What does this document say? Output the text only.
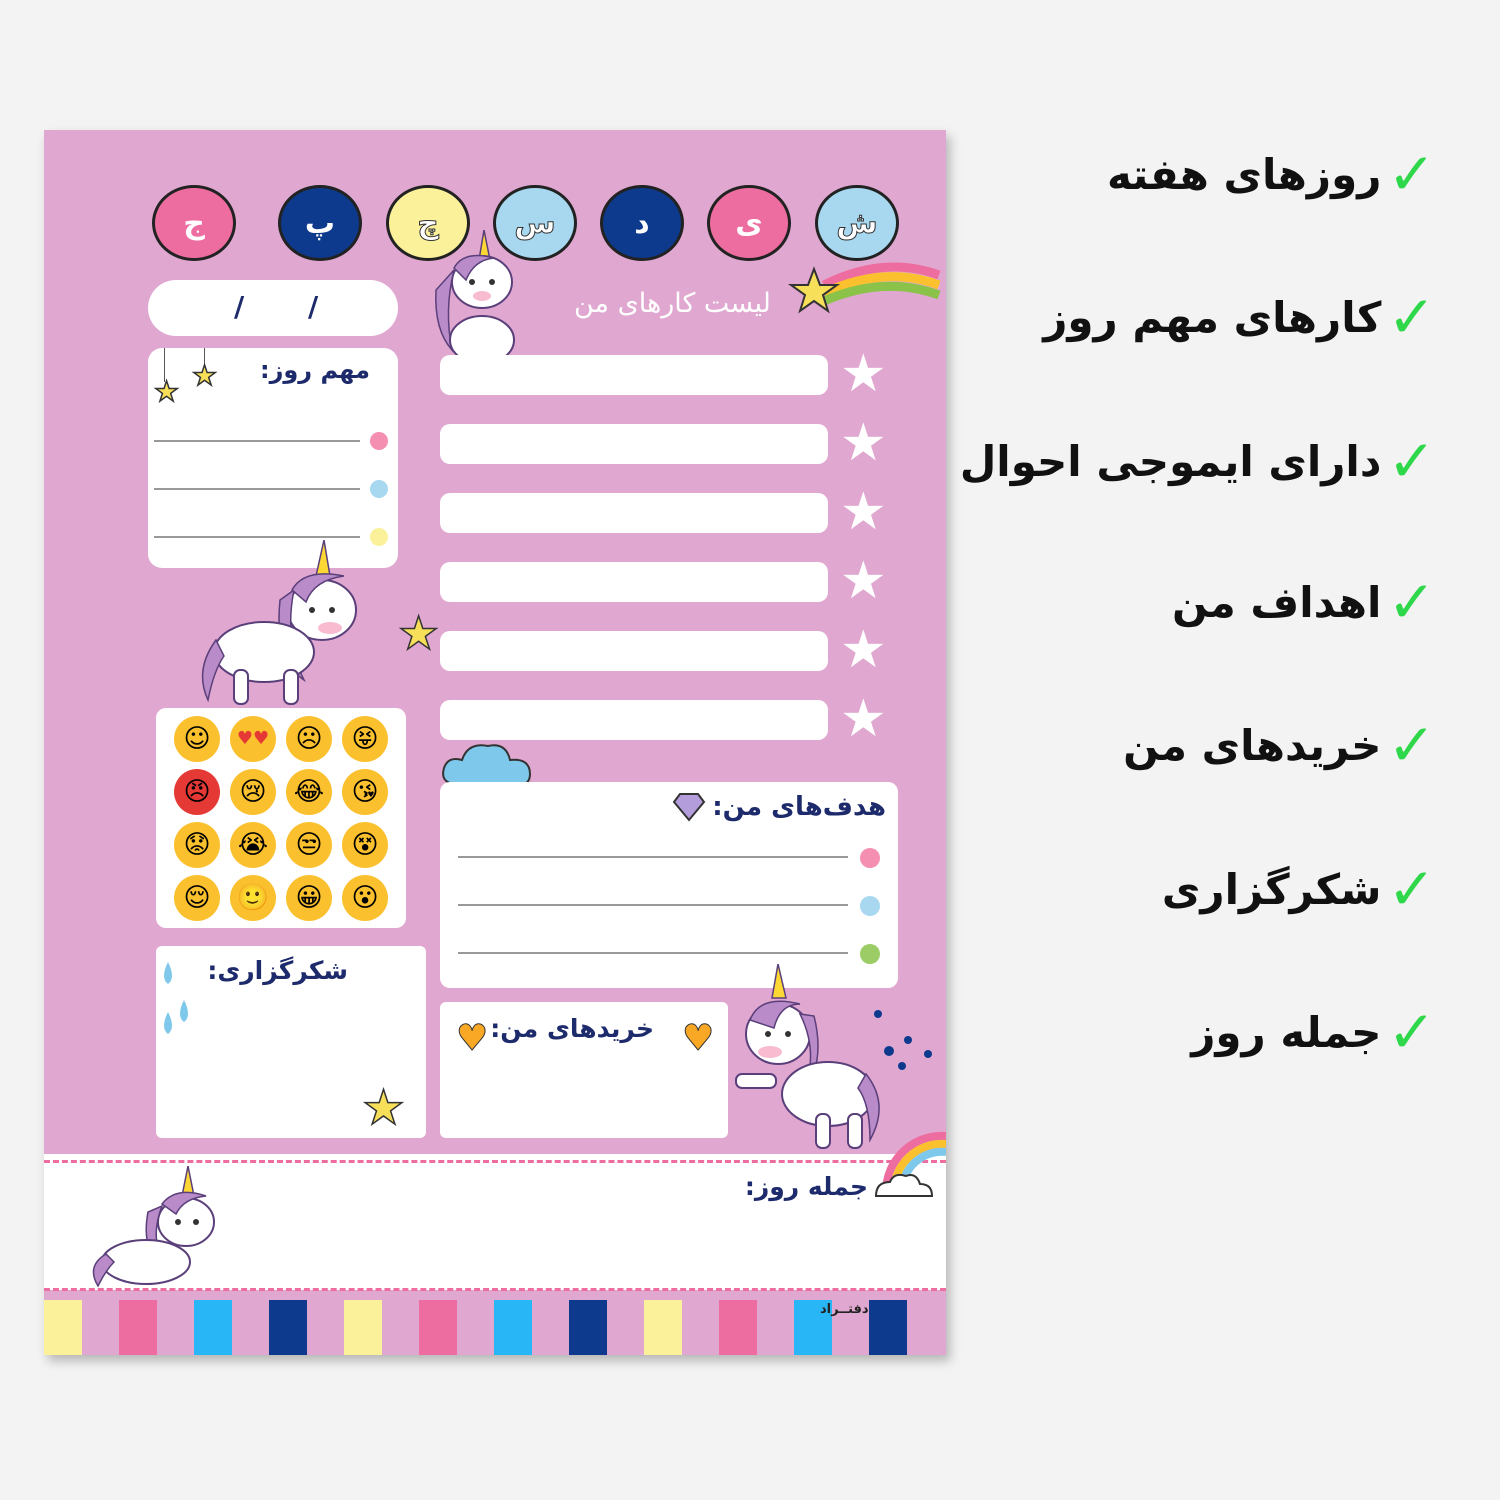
ش
ی
د
س
چ
پ
ج
/ /	لیست کارهای من
★
★
★
★
★
★
مهم روز:
★ ★
★
☺	♥♥	☹	😝
😠	😢	😂	😘
😟	😭	😒	😵
😌	🙂	😀	😮
هدف‌های من:
شکرگزاری:
★
خریدهای من:
♥	♥
جمله روز:
دفتــراد
✓
روزهای هفته
✓
کارهای مهم روز
✓
دارای ایموجی احوال
✓
اهداف من
✓
خریدهای من
✓
شکرگزاری
✓
جمله روز
